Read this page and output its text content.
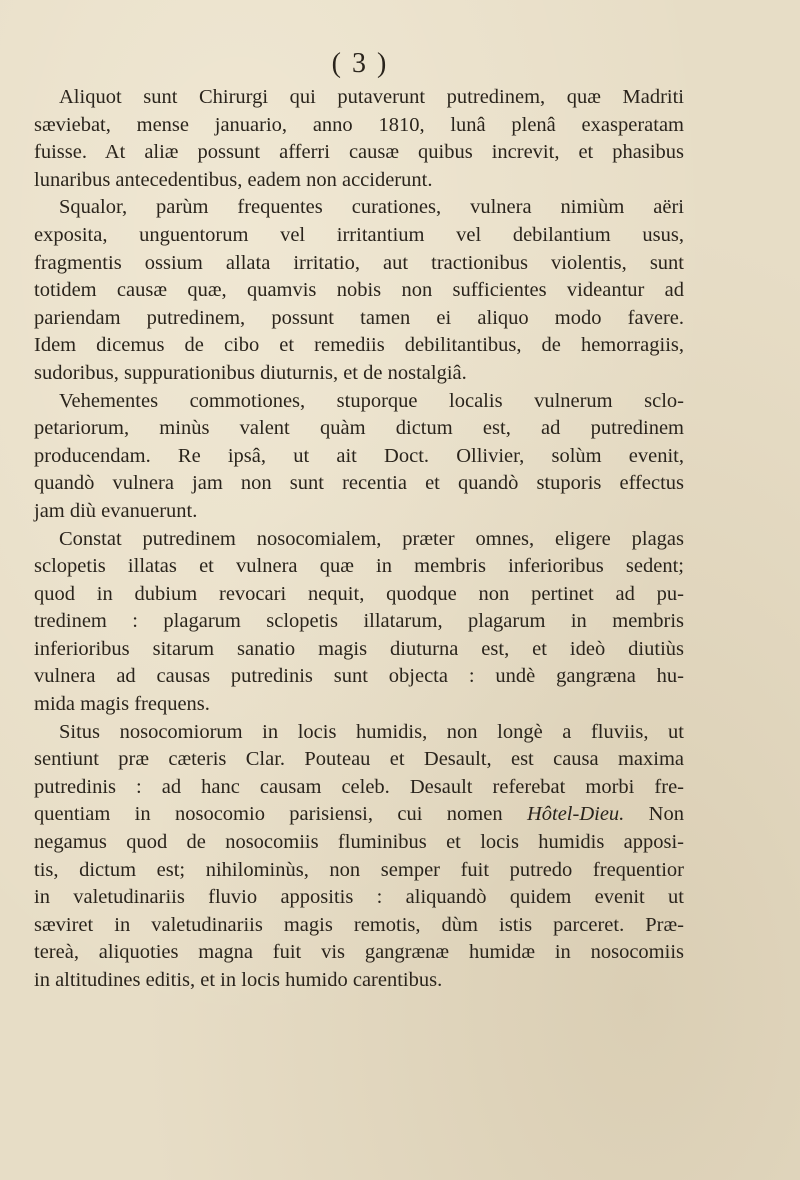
( 3 )
Aliquot sunt Chirurgi qui putaverunt putredinem, quæ Madriti
sæviebat, mense januario, anno 1810, lunâ plenâ exasperatam
fuisse. At aliæ possunt afferri causæ quibus increvit, et phasibus
lunaribus antecedentibus, eadem non acciderunt.
Squalor, parùm frequentes curationes, vulnera nimiùm aëri
exposita, unguentorum vel irritantium vel debilantium usus,
fragmentis ossium allata irritatio, aut tractionibus violentis, sunt
totidem causæ quæ, quamvis nobis non sufficientes videantur ad
pariendam putredinem, possunt tamen ei aliquo modo favere.
Idem dicemus de cibo et remediis debilitantibus, de hemorragiis,
sudoribus, suppurationibus diuturnis, et de nostalgiâ.
Vehementes commotiones, stuporque localis vulnerum sclo-
petariorum, minùs valent quàm dictum est, ad putredinem
producendam. Re ipsâ, ut ait Doct. Ollivier, solùm evenit,
quandò vulnera jam non sunt recentia et quandò stuporis effectus
jam diù evanuerunt.
Constat putredinem nosocomialem, præter omnes, eligere plagas
sclopetis illatas et vulnera quæ in membris inferioribus sedent;
quod in dubium revocari nequit, quodque non pertinet ad pu-
tredinem : plagarum sclopetis illatarum, plagarum in membris
inferioribus sitarum sanatio magis diuturna est, et ideò diutiùs
vulnera ad causas putredinis sunt objecta : undè gangræna hu-
mida magis frequens.
Situs nosocomiorum in locis humidis, non longè a fluviis, ut
sentiunt præ cæteris Clar. Pouteau et Desault, est causa maxima
putredinis : ad hanc causam celeb. Desault referebat morbi fre-
quentiam in nosocomio parisiensi, cui nomen Hôtel-Dieu. Non
negamus quod de nosocomiis fluminibus et locis humidis apposi-
tis, dictum est; nihilominùs, non semper fuit putredo frequentior
in valetudinariis fluvio appositis : aliquandò quidem evenit ut
sæviret in valetudinariis magis remotis, dùm istis parceret. Præ-
tereà, aliquoties magna fuit vis gangrænæ humidæ in nosocomiis
in altitudines editis, et in locis humido carentibus.
